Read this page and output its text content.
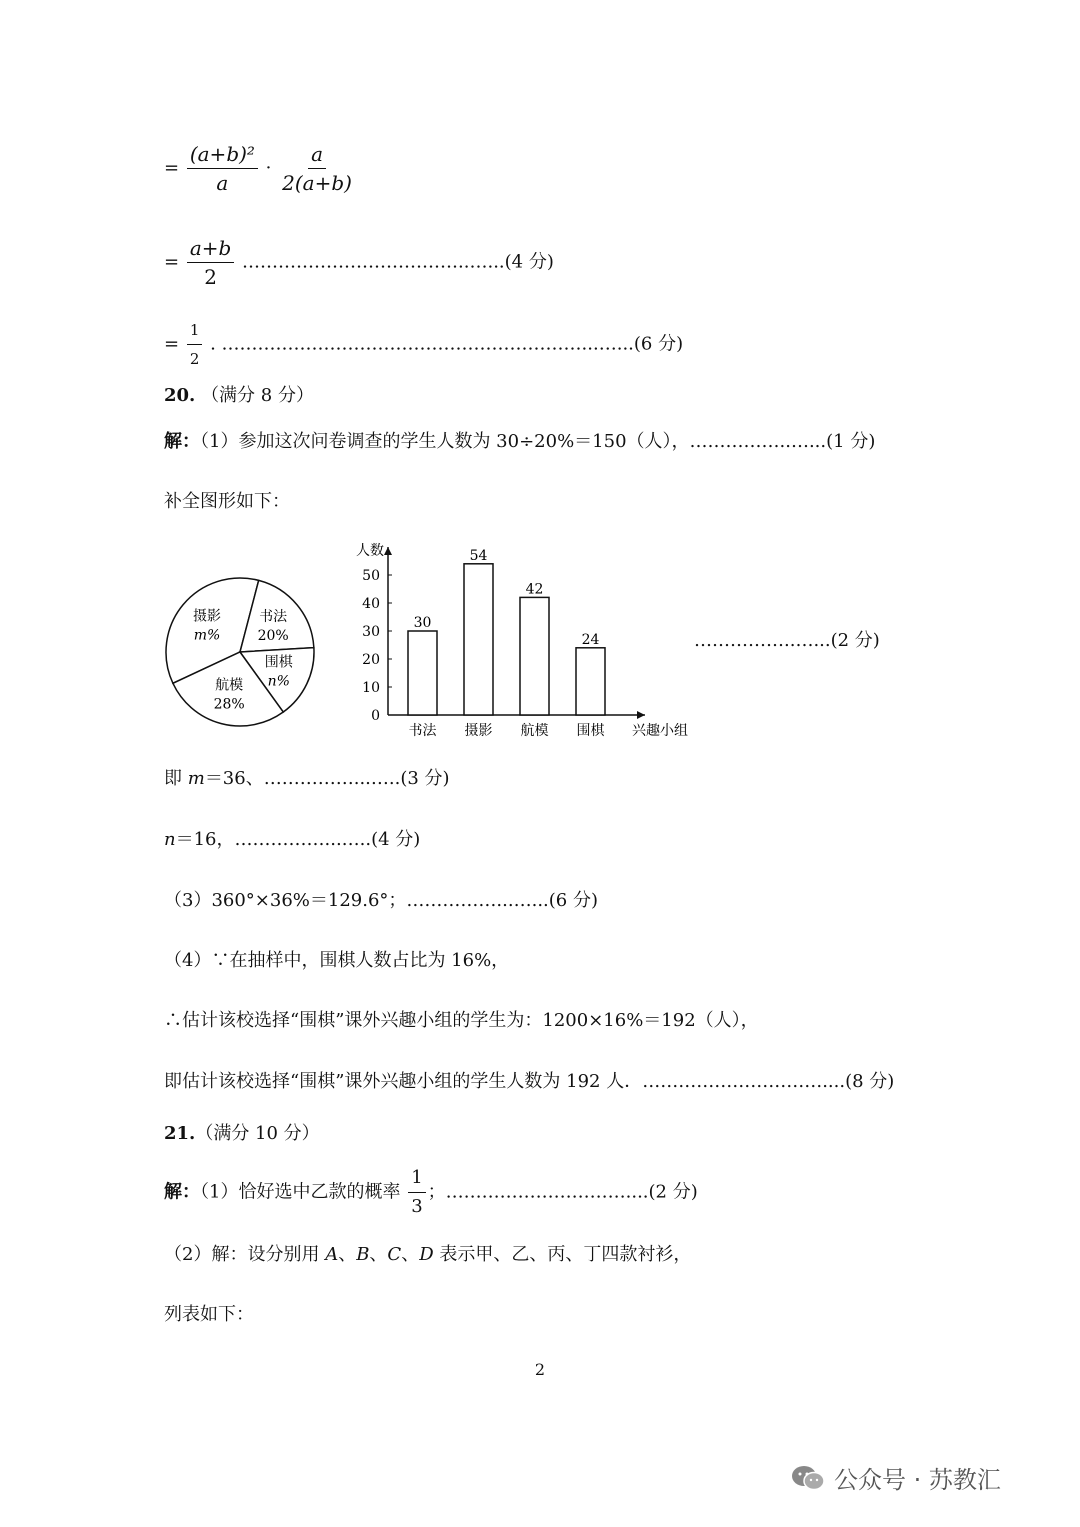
= $\frac{\text{(a+b)²}}{a} \cdot \frac{a}{2(a+b)}$
= $\frac{a+b}{2}$ ………………………………..…...(4 分)
= $\frac{1}{2}$ . ……………………………………………………...…...(6 分)
20. （满分 8 分）
解：（1）参加这次问卷调查的学生人数为 30÷20%＝150（人），……………..…...(1 分)
补全图形如下：
摄影
m%
书法
20%
围棋
n%
航模
28%
0
10
20
30
40
50
人数
30
书法
54
摄影
42
航模
24
围棋 兴趣小组
……………..…...(2 分)
即 m＝36、……………...…..(3 分)
n＝16，……………...…..(4 分)
（3）360°×36%＝129.6°；……………...…...(6 分)
（4）∵在抽样中，围棋人数占比为 16%，
∴估计该校选择“围棋”课外兴趣小组的学生为：1200×16%＝192（人），
即估计该校选择“围棋”课外兴趣小组的学生人数为 192 人．…………………………....(8 分)
21.（满分 10 分）
解：（1）恰好选中乙款的概率 $\frac{1}{3}$ ；…………………………....(2 分)
（2）解：设分别用 A、B、C、D 表示甲、乙、丙、丁四款衬衫，
列表如下：
2
公众号 · 苏教汇
